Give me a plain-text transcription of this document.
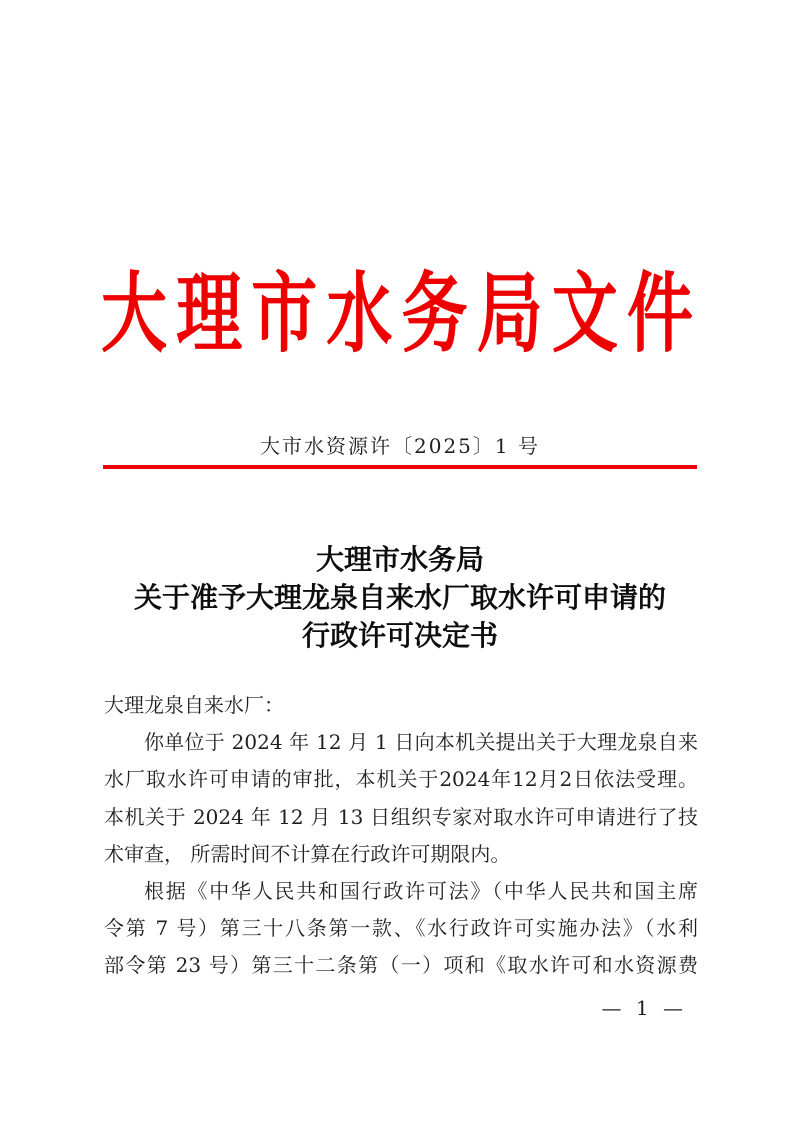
大理市水务局文件
大市水资源许〔2025〕1 号
大理市水务局
关于准予大理龙泉自来水厂取水许可申请的
行政许可决定书
大理龙泉自来水厂：
你单位于 2024 年 12 月 1 日向本机关提出关于大理龙泉自来
水厂取水许可申请的审批，本机关于2024年12月2日依法受理。
本机关于 2024 年 12 月 13 日组织专家对取水许可申请进行了技
术审查， 所需时间不计算在行政许可期限内。
根据《中华人民共和国行政许可法》（中华人民共和国主席
令第 7 号）第三十八条第一款、《水行政许可实施办法》（水利
部令第 23 号）第三十二条第（一）项和《取水许可和水资源费
— 1 —
